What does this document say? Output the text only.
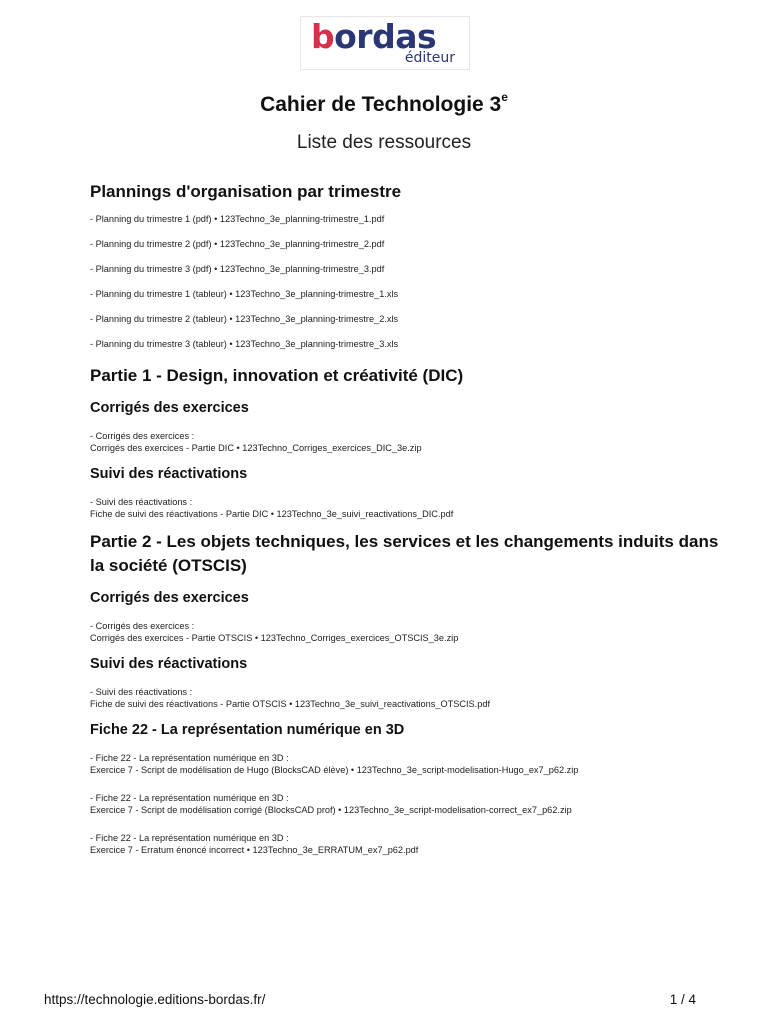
bordas
éditeur
Cahier de Technologie 3e
Liste des ressources
Plannings d'organisation par trimestre
- Planning du trimestre 1 (pdf) • 123Techno_3e_planning-trimestre_1.pdf
- Planning du trimestre 2 (pdf) • 123Techno_3e_planning-trimestre_2.pdf
- Planning du trimestre 3 (pdf) • 123Techno_3e_planning-trimestre_3.pdf
- Planning du trimestre 1 (tableur) • 123Techno_3e_planning-trimestre_1.xls
- Planning du trimestre 2 (tableur) • 123Techno_3e_planning-trimestre_2.xls
- Planning du trimestre 3 (tableur) • 123Techno_3e_planning-trimestre_3.xls
Partie 1 - Design, innovation et créativité (DIC)
Corrigés des exercices
- Corrigés des exercices :
Corrigés des exercices - Partie DIC • 123Techno_Corriges_exercices_DIC_3e.zip
Suivi des réactivations
- Suivi des réactivations :
Fiche de suivi des réactivations - Partie DIC • 123Techno_3e_suivi_reactivations_DIC.pdf
Partie 2 - Les objets techniques, les services et les changements induits dans la société (OTSCIS)
Corrigés des exercices
- Corrigés des exercices :
Corrigés des exercices - Partie OTSCIS • 123Techno_Corriges_exercices_OTSCIS_3e.zip
Suivi des réactivations
- Suivi des réactivations :
Fiche de suivi des réactivations - Partie OTSCIS • 123Techno_3e_suivi_reactivations_OTSCIS.pdf
Fiche 22 - La représentation numérique en 3D
- Fiche 22 - La représentation numérique en 3D :
Exercice 7 - Script de modélisation de Hugo (BlocksCAD élève) • 123Techno_3e_script-modelisation-Hugo_ex7_p62.zip
- Fiche 22 - La représentation numérique en 3D :
Exercice 7 - Script de modélisation corrigé (BlocksCAD prof) • 123Techno_3e_script-modelisation-correct_ex7_p62.zip
- Fiche 22 - La représentation numérique en 3D :
Exercice 7 - Erratum énoncé incorrect • 123Techno_3e_ERRATUM_ex7_p62.pdf
https://technologie.editions-bordas.fr/	1 / 4
